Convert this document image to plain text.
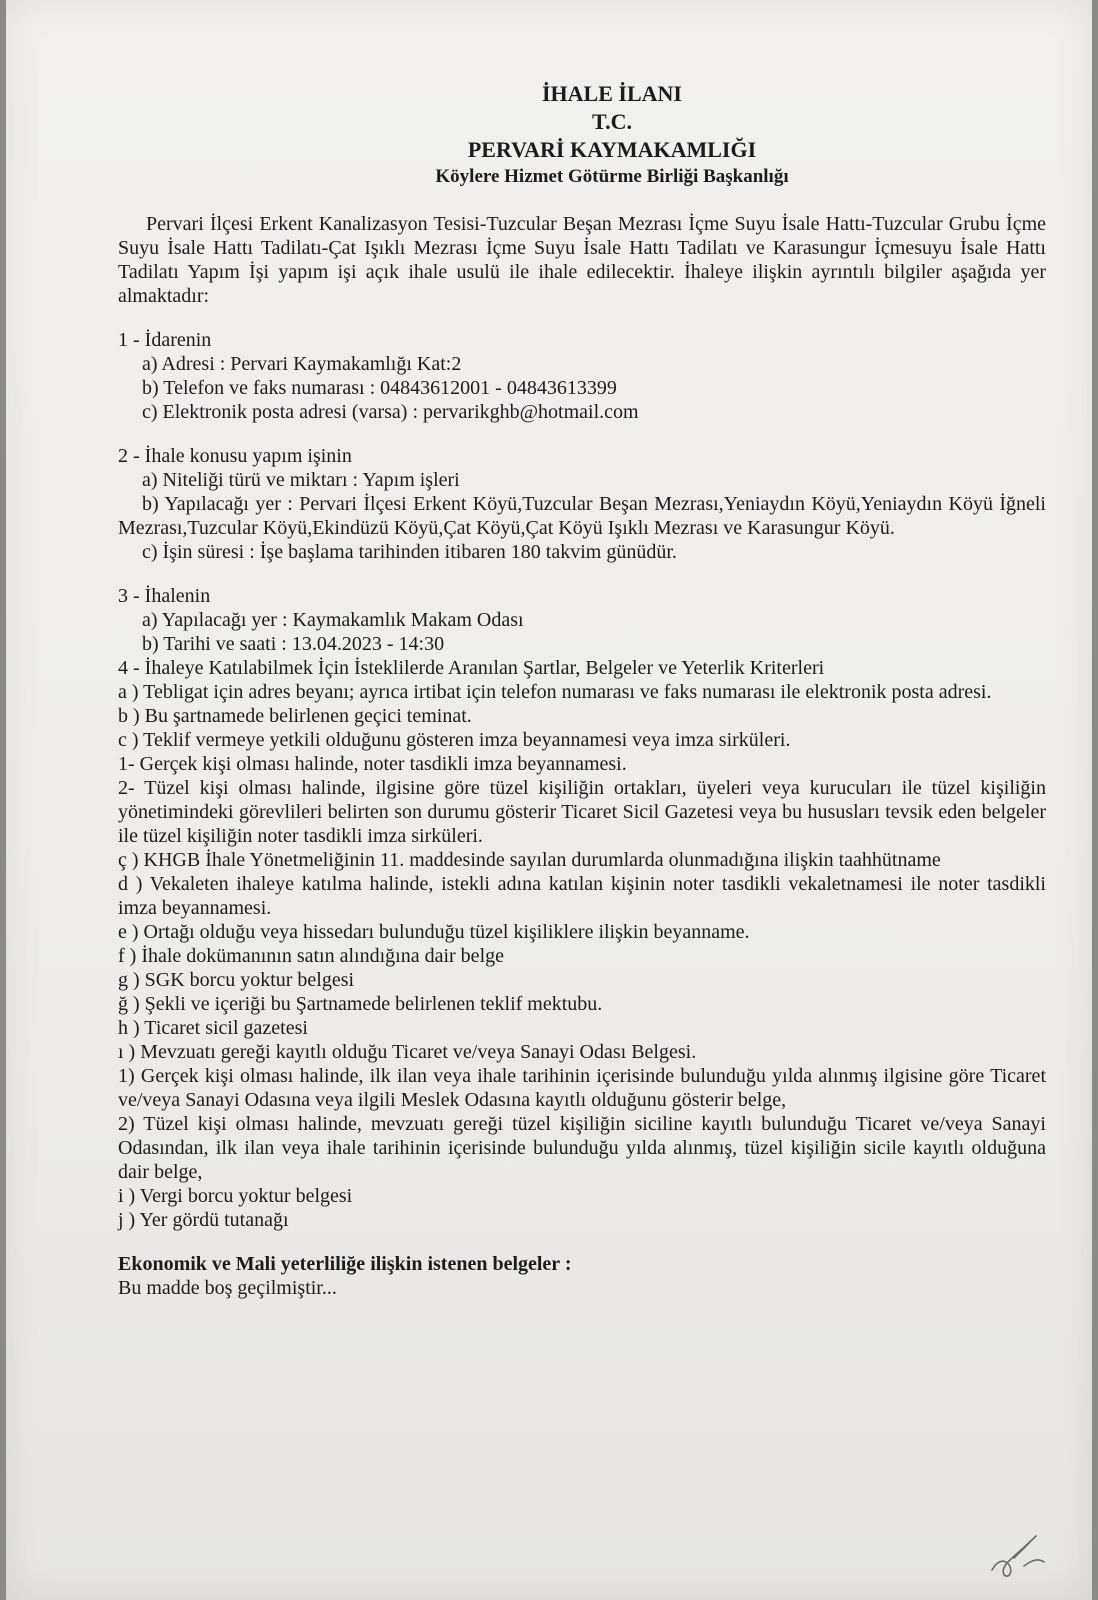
İHALE İLANI
T.C.
PERVARİ KAYMAKAMLIĞI
Köylere Hizmet Götürme Birliği Başkanlığı
Pervari İlçesi Erkent Kanalizasyon Tesisi-Tuzcular Beşan Mezrası İçme Suyu İsale Hattı-Tuzcular Grubu İçme Suyu İsale Hattı Tadilatı-Çat Işıklı Mezrası İçme Suyu İsale Hattı Tadilatı ve Karasungur İçmesuyu İsale Hattı Tadilatı Yapım İşi yapım işi açık ihale usulü ile ihale edilecektir. İhaleye ilişkin ayrıntılı bilgiler aşağıda yer almaktadır:
1 - İdarenin
a) Adresi : Pervari Kaymakamlığı Kat:2
b) Telefon ve faks numarası : 04843612001 - 04843613399
c) Elektronik posta adresi (varsa) : pervarikghb@hotmail.com
2 - İhale konusu yapım işinin
a) Niteliği türü ve miktarı : Yapım işleri
b) Yapılacağı yer : Pervari İlçesi Erkent Köyü,Tuzcular Beşan Mezrası,Yeniaydın Köyü,Yeniaydın Köyü İğneli Mezrası,Tuzcular Köyü,Ekindüzü Köyü,Çat Köyü,Çat Köyü Işıklı Mezrası ve Karasungur Köyü.
c) İşin süresi : İşe başlama tarihinden itibaren 180 takvim günüdür.
3 - İhalenin
a) Yapılacağı yer : Kaymakamlık Makam Odası
b) Tarihi ve saati : 13.04.2023 - 14:30
4 - İhaleye Katılabilmek İçin İsteklilerde Aranılan Şartlar, Belgeler ve Yeterlik Kriterleri
a ) Tebligat için adres beyanı; ayrıca irtibat için telefon numarası ve faks numarası ile elektronik posta adresi.
b ) Bu şartnamede belirlenen geçici teminat.
c ) Teklif vermeye yetkili olduğunu gösteren imza beyannamesi veya imza sirküleri.
1- Gerçek kişi olması halinde, noter tasdikli imza beyannamesi.
2- Tüzel kişi olması halinde, ilgisine göre tüzel kişiliğin ortakları, üyeleri veya kurucuları ile tüzel kişiliğin yönetimindeki görevlileri belirten son durumu gösterir Ticaret Sicil Gazetesi veya bu hususları tevsik eden belgeler ile tüzel kişiliğin noter tasdikli imza sirküleri.
ç ) KHGB İhale Yönetmeliğinin 11. maddesinde sayılan durumlarda olunmadığına ilişkin taahhütname
d ) Vekaleten ihaleye katılma halinde, istekli adına katılan kişinin noter tasdikli vekaletnamesi ile noter tasdikli imza beyannamesi.
e ) Ortağı olduğu veya hissedarı bulunduğu tüzel kişiliklere ilişkin beyanname.
f ) İhale dokümanının satın alındığına dair belge
g ) SGK borcu yoktur belgesi
ğ ) Şekli ve içeriği bu Şartnamede belirlenen teklif mektubu.
h ) Ticaret sicil gazetesi
ı ) Mevzuatı gereği kayıtlı olduğu Ticaret ve/veya Sanayi Odası Belgesi.
1) Gerçek kişi olması halinde, ilk ilan veya ihale tarihinin içerisinde bulunduğu yılda alınmış ilgisine göre Ticaret ve/veya Sanayi Odasına veya ilgili Meslek Odasına kayıtlı olduğunu gösterir belge,
2) Tüzel kişi olması halinde, mevzuatı gereği tüzel kişiliğin siciline kayıtlı bulunduğu Ticaret ve/veya Sanayi Odasından, ilk ilan veya ihale tarihinin içerisinde bulunduğu yılda alınmış, tüzel kişiliğin sicile kayıtlı olduğuna dair belge,
i ) Vergi borcu yoktur belgesi
j ) Yer gördü tutanağı
Ekonomik ve Mali yeterliliğe ilişkin istenen belgeler :
Bu madde boş geçilmiştir...
